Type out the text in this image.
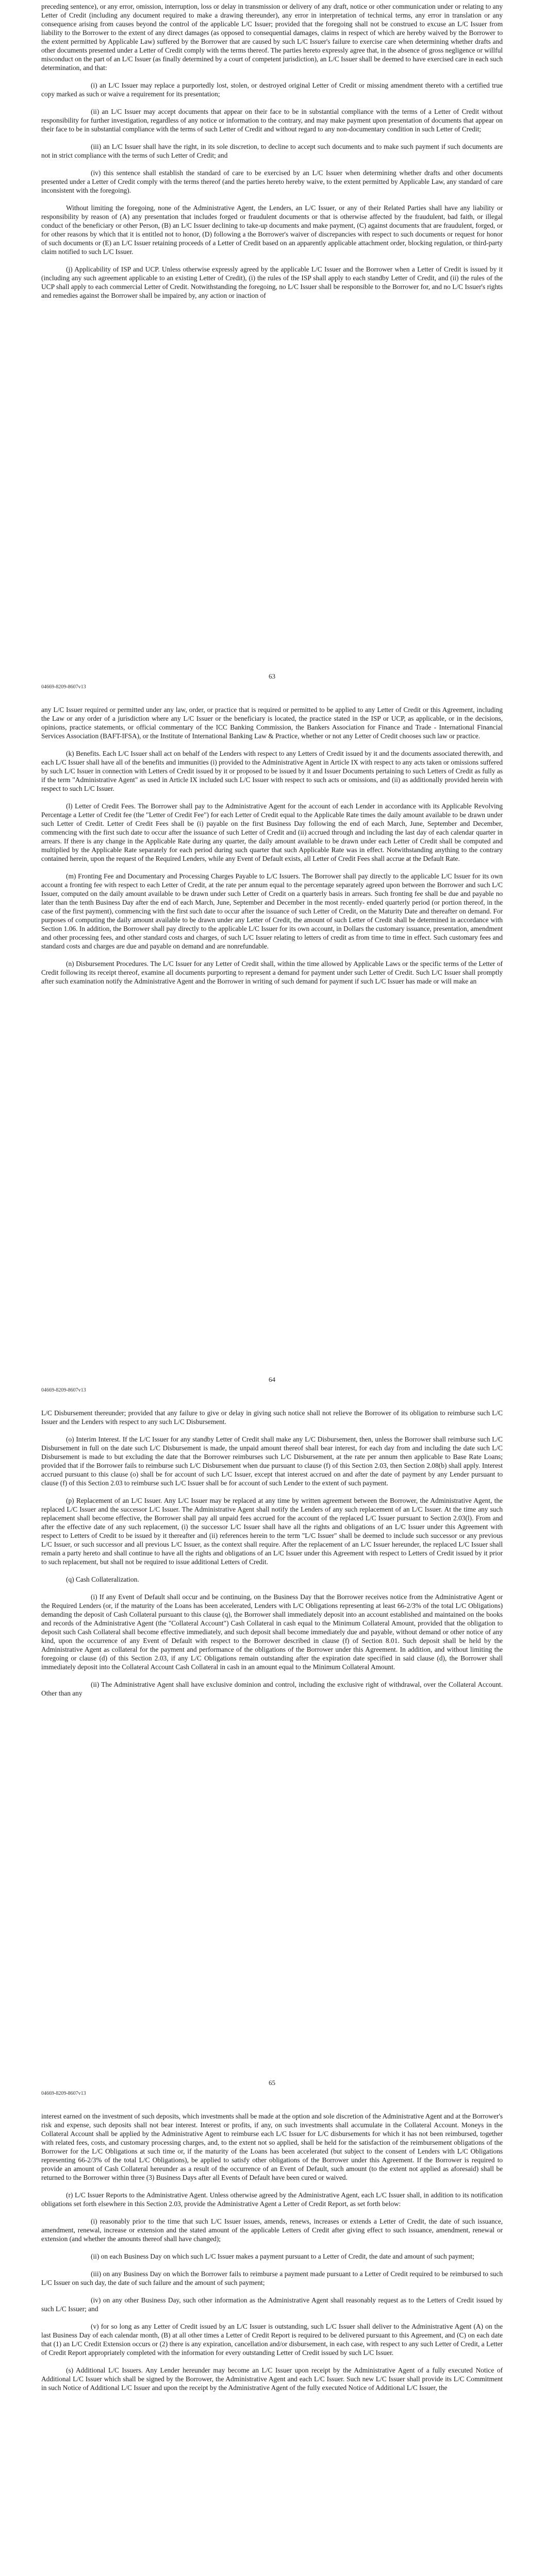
preceding sentence), or any error, omission, interruption, loss or delay in transmission or delivery of any draft, notice or other communication under or relating to any Letter of Credit (including any document required to make a drawing thereunder), any error in interpretation of technical terms, any error in translation or any consequence arising from causes beyond the control of the applicable L/C Issuer; provided that the foregoing shall not be construed to excuse an L/C Issuer from liability to the Borrower to the extent of any direct damages (as opposed to consequential damages, claims in respect of which are hereby waived by the Borrower to the extent permitted by Applicable Law) suffered by the Borrower that are caused by such L/C Issuer's failure to exercise care when determining whether drafts and other documents presented under a Letter of Credit comply with the terms thereof. The parties hereto expressly agree that, in the absence of gross negligence or willful misconduct on the part of an L/C Issuer (as finally determined by a court of competent jurisdiction), an L/C Issuer shall be deemed to have exercised care in each such determination, and that:

(i) an L/C Issuer may replace a purportedly lost, stolen, or destroyed original Letter of Credit or missing amendment thereto with a certified true copy marked as such or waive a requirement for its presentation;

(ii) an L/C Issuer may accept documents that appear on their face to be in substantial compliance with the terms of a Letter of Credit without responsibility for further investigation, regardless of any notice or information to the contrary, and may make payment upon presentation of documents that appear on their face to be in substantial compliance with the terms of such Letter of Credit and without regard to any non-documentary condition in such Letter of Credit;

(iii) an L/C Issuer shall have the right, in its sole discretion, to decline to accept such documents and to make such payment if such documents are not in strict compliance with the terms of such Letter of Credit; and

(iv) this sentence shall establish the standard of care to be exercised by an L/C Issuer when determining whether drafts and other documents presented under a Letter of Credit comply with the terms thereof (and the parties hereto hereby waive, to the extent permitted by Applicable Law, any standard of care inconsistent with the foregoing).

Without limiting the foregoing, none of the Administrative Agent, the Lenders, an L/C Issuer, or any of their Related Parties shall have any liability or responsibility by reason of (A) any presentation that includes forged or fraudulent documents or that is otherwise affected by the fraudulent, bad faith, or illegal conduct of the beneficiary or other Person, (B) an L/C Issuer declining to take-up documents and make payment, (C) against documents that are fraudulent, forged, or for other reasons by which that it is entitled not to honor, (D) following a the Borrower's waiver of discrepancies with respect to such documents or request for honor of such documents or (E) an L/C Issuer retaining proceeds of a Letter of Credit based on an apparently applicable attachment order, blocking regulation, or third-party claim notified to such L/C Issuer.

(j) Applicability of ISP and UCP. Unless otherwise expressly agreed by the applicable L/C Issuer and the Borrower when a Letter of Credit is issued by it (including any such agreement applicable to an existing Letter of Credit), (i) the rules of the ISP shall apply to each standby Letter of Credit, and (ii) the rules of the UCP shall apply to each commercial Letter of Credit. Notwithstanding the foregoing, no L/C Issuer shall be responsible to the Borrower for, and no L/C Issuer's rights and remedies against the Borrower shall be impaired by, any action or inaction of

63
04669-8209-8607v13

any L/C Issuer required or permitted under any law, order, or practice that is required or permitted to be applied to any Letter of Credit or this Agreement, including the Law or any order of a jurisdiction where any L/C Issuer or the beneficiary is located, the practice stated in the ISP or UCP, as applicable, or in the decisions, opinions, practice statements, or official commentary of the ICC Banking Commission, the Bankers Association for Finance and Trade - International Financial Services Association (BAFT-IFSA), or the Institute of International Banking Law & Practice, whether or not any Letter of Credit chooses such law or practice.

(k) Benefits. Each L/C Issuer shall act on behalf of the Lenders with respect to any Letters of Credit issued by it and the documents associated therewith, and each L/C Issuer shall have all of the benefits and immunities (i) provided to the Administrative Agent in Article IX with respect to any acts taken or omissions suffered by such L/C Issuer in connection with Letters of Credit issued by it or proposed to be issued by it and Issuer Documents pertaining to such Letters of Credit as fully as if the term "Administrative Agent" as used in Article IX included such L/C Issuer with respect to such acts or omissions, and (ii) as additionally provided herein with respect to such L/C Issuer.

(l) Letter of Credit Fees. The Borrower shall pay to the Administrative Agent for the account of each Lender in accordance with its Applicable Revolving Percentage a Letter of Credit fee (the "Letter of Credit Fee") for each Letter of Credit equal to the Applicable Rate times the daily amount available to be drawn under such Letter of Credit. Letter of Credit Fees shall be (i) payable on the first Business Day following the end of each March, June, September and December, commencing with the first such date to occur after the issuance of such Letter of Credit and (ii) accrued through and including the last day of each calendar quarter in arrears. If there is any change in the Applicable Rate during any quarter, the daily amount available to be drawn under each Letter of Credit shall be computed and multiplied by the Applicable Rate separately for each period during such quarter that such Applicable Rate was in effect. Notwithstanding anything to the contrary contained herein, upon the request of the Required Lenders, while any Event of Default exists, all Letter of Credit Fees shall accrue at the Default Rate.

(m) Fronting Fee and Documentary and Processing Charges Payable to L/C Issuers. The Borrower shall pay directly to the applicable L/C Issuer for its own account a fronting fee with respect to each Letter of Credit, at the rate per annum equal to the percentage separately agreed upon between the Borrower and such L/C Issuer, computed on the daily amount available to be drawn under such Letter of Credit on a quarterly basis in arrears. Such fronting fee shall be due and payable no later than the tenth Business Day after the end of each March, June, September and December in the most recently- ended quarterly period (or portion thereof, in the case of the first payment), commencing with the first such date to occur after the issuance of such Letter of Credit, on the Maturity Date and thereafter on demand. For purposes of computing the daily amount available to be drawn under any Letter of Credit, the amount of such Letter of Credit shall be determined in accordance with Section 1.06. In addition, the Borrower shall pay directly to the applicable L/C Issuer for its own account, in Dollars the customary issuance, presentation, amendment and other processing fees, and other standard costs and charges, of such L/C Issuer relating to letters of credit as from time to time in effect. Such customary fees and standard costs and charges are due and payable on demand and are nonrefundable.

(n) Disbursement Procedures. The L/C Issuer for any Letter of Credit shall, within the time allowed by Applicable Laws or the specific terms of the Letter of Credit following its receipt thereof, examine all documents purporting to represent a demand for payment under such Letter of Credit. Such L/C Issuer shall promptly after such examination notify the Administrative Agent and the Borrower in writing of such demand for payment if such L/C Issuer has made or will make an

64
04669-8209-8607v13

L/C Disbursement thereunder; provided that any failure to give or delay in giving such notice shall not relieve the Borrower of its obligation to reimburse such L/C Issuer and the Lenders with respect to any such L/C Disbursement.

(o) Interim Interest. If the L/C Issuer for any standby Letter of Credit shall make any L/C Disbursement, then, unless the Borrower shall reimburse such L/C Disbursement in full on the date such L/C Disbursement is made, the unpaid amount thereof shall bear interest, for each day from and including the date such L/C Disbursement is made to but excluding the date that the Borrower reimburses such L/C Disbursement, at the rate per annum then applicable to Base Rate Loans; provided that if the Borrower fails to reimburse such L/C Disbursement when due pursuant to clause (f) of this Section 2.03, then Section 2.08(b) shall apply. Interest accrued pursuant to this clause (o) shall be for account of such L/C Issuer, except that interest accrued on and after the date of payment by any Lender pursuant to clause (f) of this Section 2.03 to reimburse such L/C Issuer shall be for account of such Lender to the extent of such payment.

(p) Replacement of an L/C Issuer. Any L/C Issuer may be replaced at any time by written agreement between the Borrower, the Administrative Agent, the replaced L/C Issuer and the successor L/C Issuer. The Administrative Agent shall notify the Lenders of any such replacement of an L/C Issuer. At the time any such replacement shall become effective, the Borrower shall pay all unpaid fees accrued for the account of the replaced L/C Issuer pursuant to Section 2.03(l). From and after the effective date of any such replacement, (i) the successor L/C Issuer shall have all the rights and obligations of an L/C Issuer under this Agreement with respect to Letters of Credit to be issued by it thereafter and (ii) references herein to the term "L/C Issuer" shall be deemed to include such successor or any previous L/C Issuer, or such successor and all previous L/C Issuer, as the context shall require. After the replacement of an L/C Issuer hereunder, the replaced L/C Issuer shall remain a party hereto and shall continue to have all the rights and obligations of an L/C Issuer under this Agreement with respect to Letters of Credit issued by it prior to such replacement, but shall not be required to issue additional Letters of Credit.

(q) Cash Collateralization.

(i) If any Event of Default shall occur and be continuing, on the Business Day that the Borrower receives notice from the Administrative Agent or the Required Lenders (or, if the maturity of the Loans has been accelerated, Lenders with L/C Obligations representing at least 66-2/3% of the total L/C Obligations) demanding the deposit of Cash Collateral pursuant to this clause (q), the Borrower shall immediately deposit into an account established and maintained on the books and records of the Administrative Agent (the "Collateral Account") Cash Collateral in cash equal to the Minimum Collateral Amount, provided that the obligation to deposit such Cash Collateral shall become effective immediately, and such deposit shall become immediately due and payable, without demand or other notice of any kind, upon the occurrence of any Event of Default with respect to the Borrower described in clause (f) of Section 8.01. Such deposit shall be held by the Administrative Agent as collateral for the payment and performance of the obligations of the Borrower under this Agreement. In addition, and without limiting the foregoing or clause (d) of this Section 2.03, if any L/C Obligations remain outstanding after the expiration date specified in said clause (d), the Borrower shall immediately deposit into the Collateral Account Cash Collateral in cash in an amount equal to the Minimum Collateral Amount.

(ii) The Administrative Agent shall have exclusive dominion and control, including the exclusive right of withdrawal, over the Collateral Account. Other than any

65
04669-8209-8607v13

interest earned on the investment of such deposits, which investments shall be made at the option and sole discretion of the Administrative Agent and at the Borrower's risk and expense, such deposits shall not bear interest. Interest or profits, if any, on such investments shall accumulate in the Collateral Account. Moneys in the Collateral Account shall be applied by the Administrative Agent to reimburse each L/C Issuer for L/C disbursements for which it has not been reimbursed, together with related fees, costs, and customary processing charges, and, to the extent not so applied, shall be held for the satisfaction of the reimbursement obligations of the Borrower for the L/C Obligations at such time or, if the maturity of the Loans has been accelerated (but subject to the consent of Lenders with L/C Obligations representing 66-2/3% of the total L/C Obligations), be applied to satisfy other obligations of the Borrower under this Agreement. If the Borrower is required to provide an amount of Cash Collateral hereunder as a result of the occurrence of an Event of Default, such amount (to the extent not applied as aforesaid) shall be returned to the Borrower within three (3) Business Days after all Events of Default have been cured or waived.

(r) L/C Issuer Reports to the Administrative Agent. Unless otherwise agreed by the Administrative Agent, each L/C Issuer shall, in addition to its notification obligations set forth elsewhere in this Section 2.03, provide the Administrative Agent a Letter of Credit Report, as set forth below:

(i) reasonably prior to the time that such L/C Issuer issues, amends, renews, increases or extends a Letter of Credit, the date of such issuance, amendment, renewal, increase or extension and the stated amount of the applicable Letters of Credit after giving effect to such issuance, amendment, renewal or extension (and whether the amounts thereof shall have changed);

(ii) on each Business Day on which such L/C Issuer makes a payment pursuant to a Letter of Credit, the date and amount of such payment;

(iii) on any Business Day on which the Borrower fails to reimburse a payment made pursuant to a Letter of Credit required to be reimbursed to such L/C Issuer on such day, the date of such failure and the amount of such payment;

(iv) on any other Business Day, such other information as the Administrative Agent shall reasonably request as to the Letters of Credit issued by such L/C Issuer; and

(v) for so long as any Letter of Credit issued by an L/C Issuer is outstanding, such L/C Issuer shall deliver to the Administrative Agent (A) on the last Business Day of each calendar month, (B) at all other times a Letter of Credit Report is required to be delivered pursuant to this Agreement, and (C) on each date that (1) an L/C Credit Extension occurs or (2) there is any expiration, cancellation and/or disbursement, in each case, with respect to any such Letter of Credit, a Letter of Credit Report appropriately completed with the information for every outstanding Letter of Credit issued by such L/C Issuer.

(s) Additional L/C Issuers. Any Lender hereunder may become an L/C Issuer upon receipt by the Administrative Agent of a fully executed Notice of Additional L/C Issuer which shall be signed by the Borrower, the Administrative Agent and each L/C Issuer. Such new L/C Issuer shall provide its L/C Commitment in such Notice of Additional L/C Issuer and upon the receipt by the Administrative Agent of the fully executed Notice of Additional L/C Issuer, the
